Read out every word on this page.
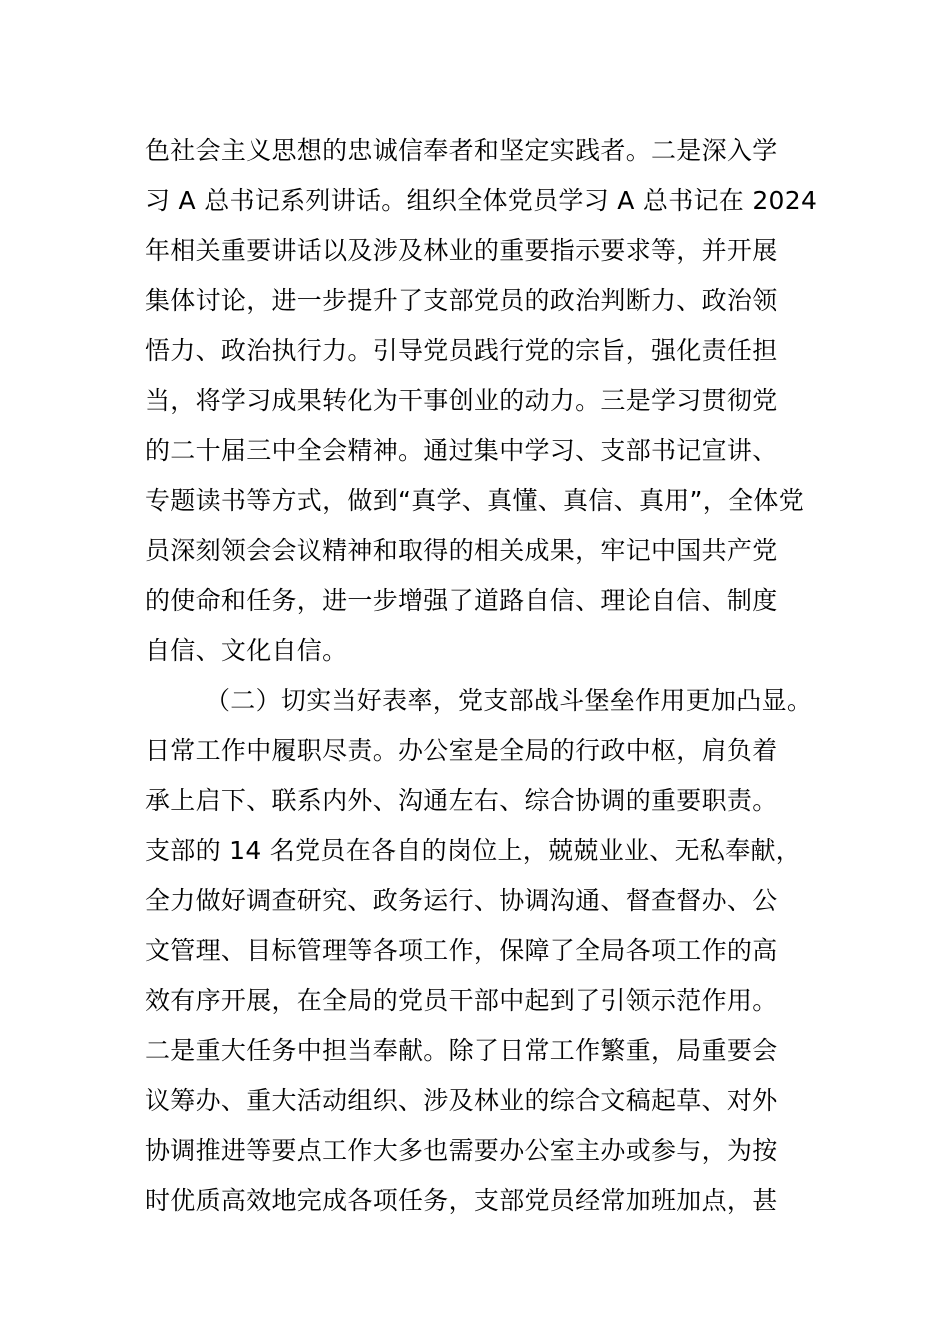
色社会主义思想的忠诚信奉者和坚定实践者。二是深入学
习 A 总书记系列讲话。组织全体党员学习 A 总书记在 2024
年相关重要讲话以及涉及林业的重要指示要求等，并开展
集体讨论，进一步提升了支部党员的政治判断力、政治领
悟力、政治执行力。引导党员践行党的宗旨，强化责任担
当，将学习成果转化为干事创业的动力。三是学习贯彻党
的二十届三中全会精神。通过集中学习、支部书记宣讲、
专题读书等方式，做到“真学、真懂、真信、真用”，全体党
员深刻领会会议精神和取得的相关成果，牢记中国共产党
的使命和任务，进一步增强了道路自信、理论自信、制度
自信、文化自信。
（二）切实当好表率，党支部战斗堡垒作用更加凸显。
日常工作中履职尽责。办公室是全局的行政中枢，肩负着
承上启下、联系内外、沟通左右、综合协调的重要职责。
支部的 14 名党员在各自的岗位上，兢兢业业、无私奉献，
全力做好调查研究、政务运行、协调沟通、督查督办、公
文管理、目标管理等各项工作，保障了全局各项工作的高
效有序开展，在全局的党员干部中起到了引领示范作用。
二是重大任务中担当奉献。除了日常工作繁重，局重要会
议筹办、重大活动组织、涉及林业的综合文稿起草、对外
协调推进等要点工作大多也需要办公室主办或参与，为按
时优质高效地完成各项任务，支部党员经常加班加点，甚
